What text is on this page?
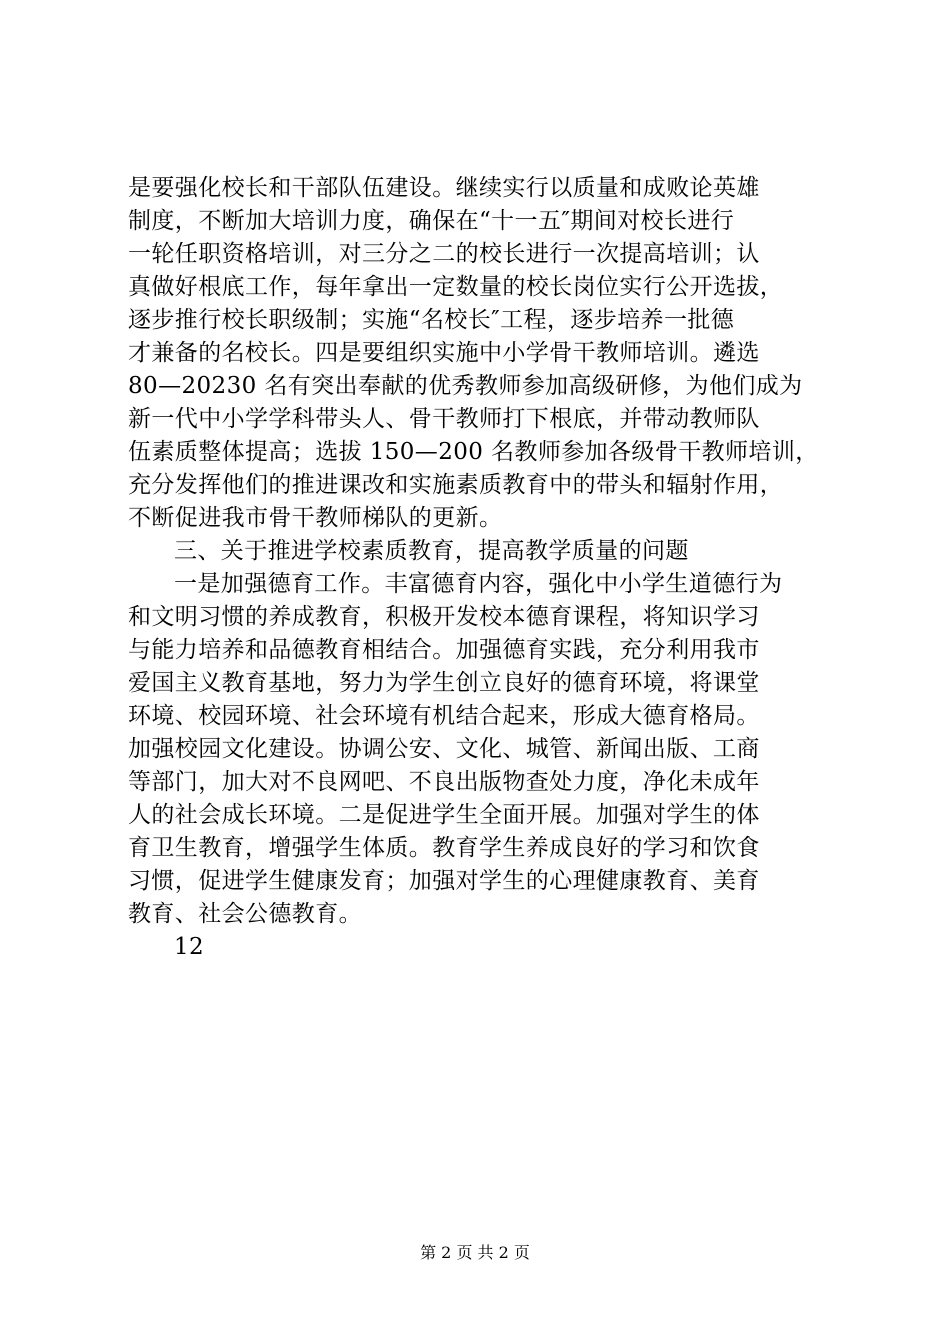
是要强化校长和干部队伍建设。继续实行以质量和成败论英雄
制度，不断加大培训力度，确保在“十一五″期间对校长进行
一轮任职资格培训，对三分之二的校长进行一次提高培训；认
真做好根底工作，每年拿出一定数量的校长岗位实行公开选拔，
逐步推行校长职级制；实施“名校长″工程，逐步培养一批德
才兼备的名校长。四是要组织实施中小学骨干教师培训。遴选
80—20230 名有突出奉献的优秀教师参加高级研修，为他们成为
新一代中小学学科带头人、骨干教师打下根底，并带动教师队
伍素质整体提高；选拔 150—200 名教师参加各级骨干教师培训，
充分发挥他们的推进课改和实施素质教育中的带头和辐射作用，
不断促进我市骨干教师梯队的更新。
三、关于推进学校素质教育，提高教学质量的问题
一是加强德育工作。丰富德育内容，强化中小学生道德行为
和文明习惯的养成教育，积极开发校本德育课程，将知识学习
与能力培养和品德教育相结合。加强德育实践，充分利用我市
爱国主义教育基地，努力为学生创立良好的德育环境，将课堂
环境、校园环境、社会环境有机结合起来，形成大德育格局。
加强校园文化建设。协调公安、文化、城管、新闻出版、工商
等部门，加大对不良网吧、不良出版物查处力度，净化未成年
人的社会成长环境。二是促进学生全面开展。加强对学生的体
育卫生教育，增强学生体质。教育学生养成良好的学习和饮食
习惯，促进学生健康发育；加强对学生的心理健康教育、美育
教育、社会公德教育。
12
第 2 页 共 2 页
